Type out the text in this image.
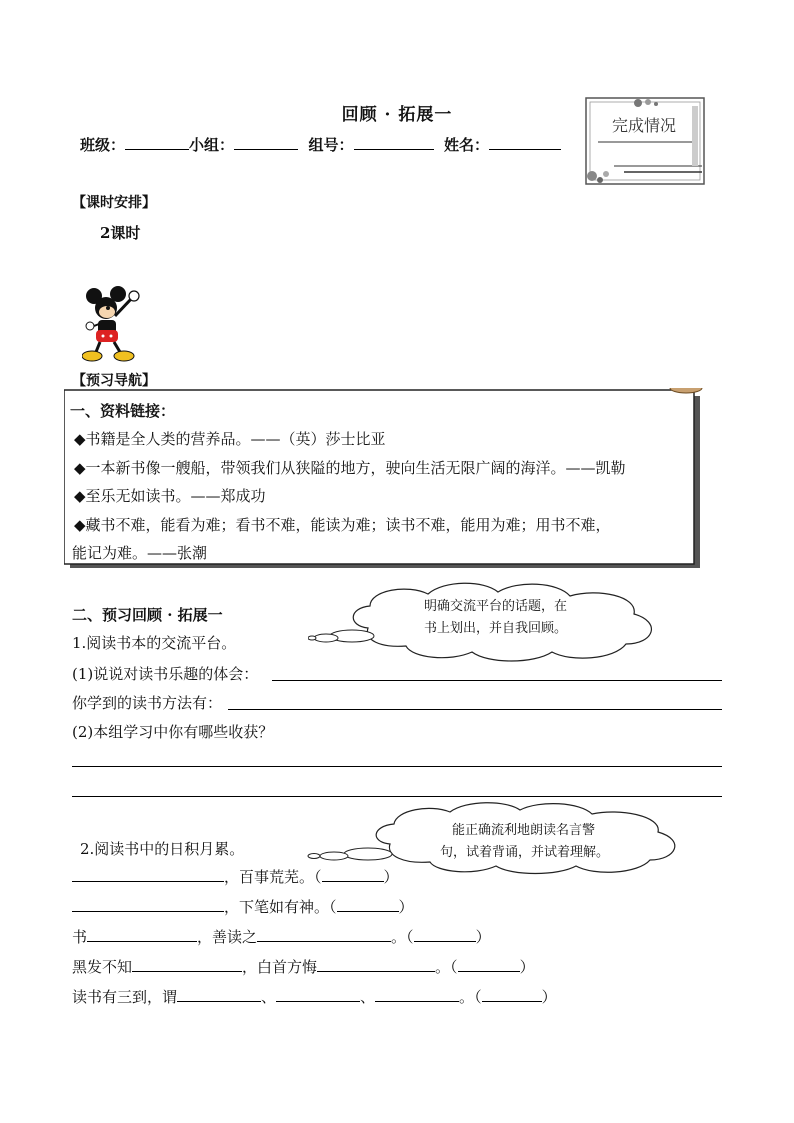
回顾 · 拓展一
班级：	小组：	组号：	姓名：
完成情况
【课时安排】
2课时
【预习导航】
一、资料链接：
◆书籍是全人类的营养品。——（英）莎士比亚
◆一本新书像一艘船，带领我们从狭隘的地方，驶向生活无限广阔的海洋。——凯勒
◆至乐无如读书。——郑成功
◆藏书不难，能看为难；看书不难，能读为难；读书不难，能用为难；用书不难，
能记为难。——张潮
二、预习回顾 · 拓展一	明确交流平台的话题，在
书上划出，并自我回顾。
1.阅读书本的交流平台。
(1)说说对读书乐趣的体会：
你学到的读书方法有：
(2)本组学习中你有哪些收获？
能正确流利地朗读名言警
句，试着背诵，并试着理解。
2.阅读书中的日积月累。
，百事荒芜。（	）
，下笔如有神。（	）
书	，善读之	。（	）
黑发不知	，白首方悔	。（	）
读书有三到，谓	、	、	。（	）
